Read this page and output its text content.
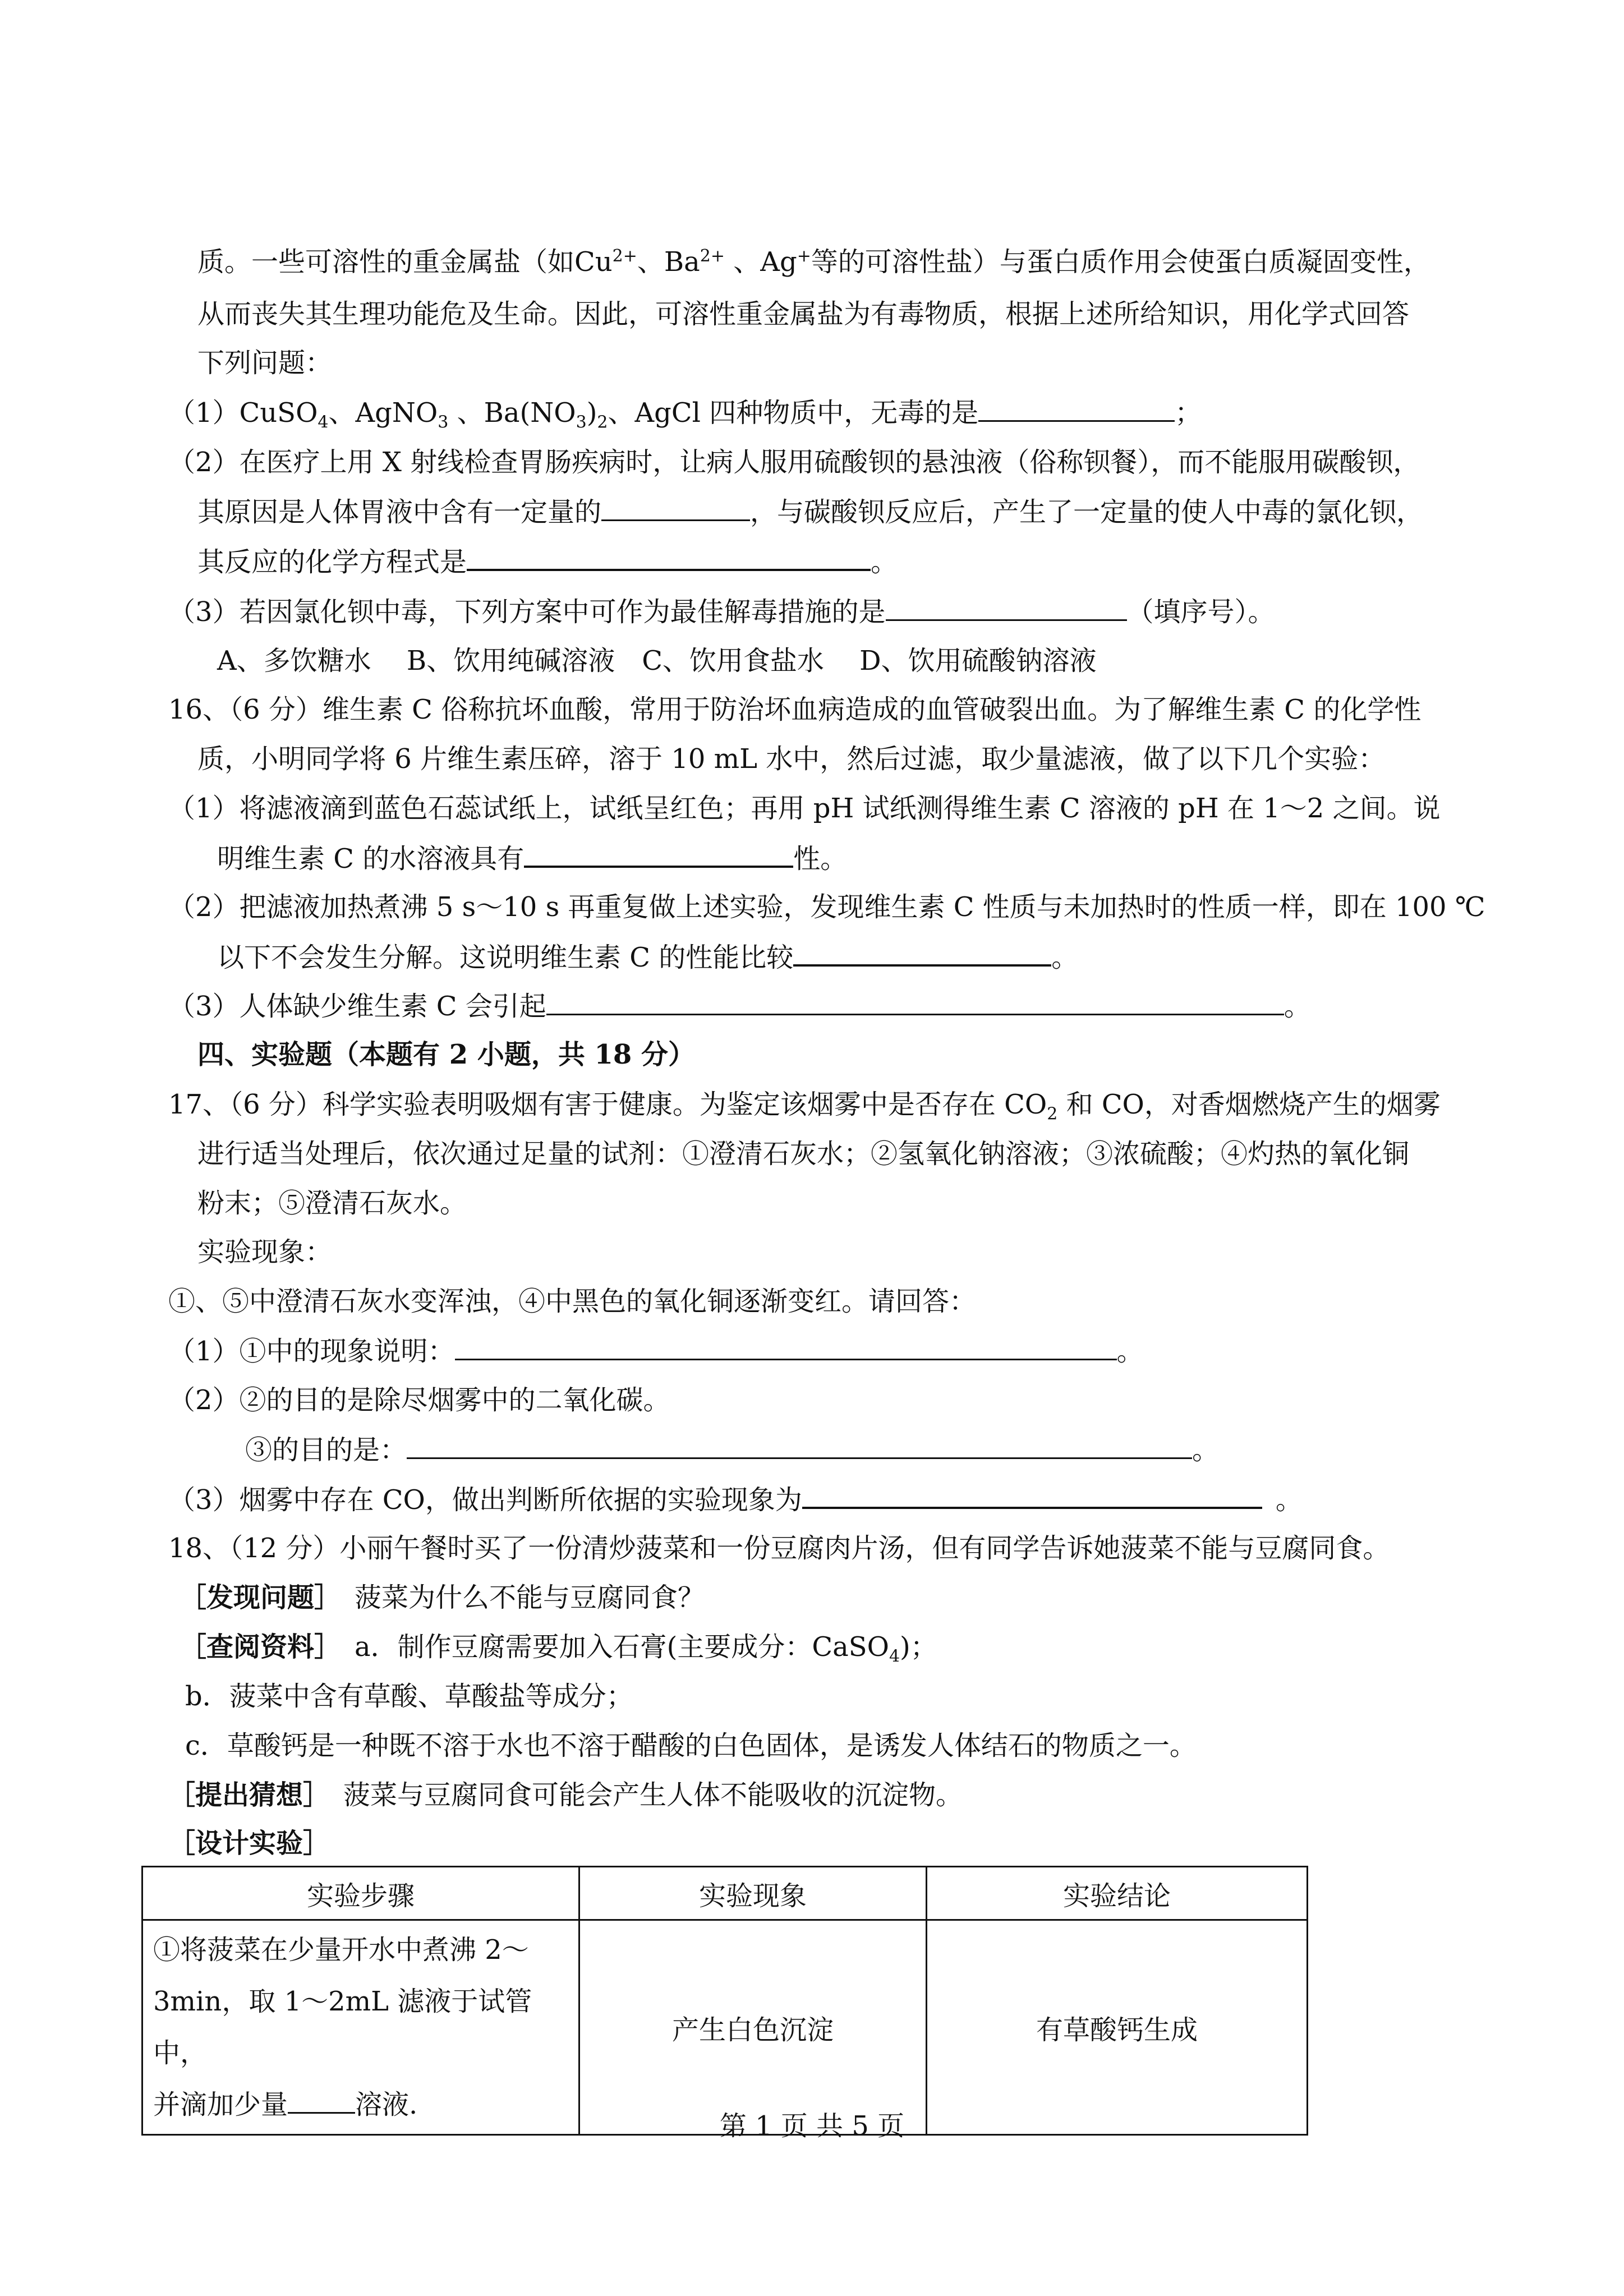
质。一些可溶性的重金属盐（如$Cu^{2+}$、$Ba^{2+}$ 、Ag+等的可溶性盐）与蛋白质作用会使蛋白质凝固变性，
从而丧失其生理功能危及生命。因此，可溶性重金属盐为有毒物质，根据上述所给知识，用化学式回答
下列问题：
（1）CuSO$_4$、AgNO$_3$ 、$Ba(NO_3)_2$、AgCl 四种物质中，无毒的是	；
（2）在医疗上用 X 射线检查胃肠疾病时，让病人服用硫酸钡的悬浊液（俗称钡餐），而不能服用碳酸钡，
其原因是人体胃液中含有一定量的	，与碳酸钡反应后，产生了一定量的使人中毒的氯化钡，
其反应的化学方程式是	。
（3）若因氯化钡中毒，下列方案中可作为最佳解毒措施的是	（填序号）。
A、多饮糖水　 B、饮用纯碱溶液　C、饮用食盐水　 D、饮用硫酸钠溶液
16、（6 分）维生素 C 俗称抗坏血酸，常用于防治坏血病造成的血管破裂出血。为了解维生素 C 的化学性
质，小明同学将 6 片维生素压碎，溶于 10 mL 水中，然后过滤，取少量滤液，做了以下几个实验：
（1）将滤液滴到蓝色石蕊试纸上，试纸呈红色；再用 pH 试纸测得维生素 C 溶液的 pH 在 1～2 之间。说
明维生素 C 的水溶液具有	性。
（2）把滤液加热煮沸 5 s～10 s 再重复做上述实验，发现维生素 C 性质与未加热时的性质一样，即在 100 ℃
以下不会发生分解。这说明维生素 C 的性能比较	。
（3）人体缺少维生素 C 会引起	。
四、实验题（本题有 2 小题，共 18 分）
17、（6 分）科学实验表明吸烟有害于健康。为鉴定该烟雾中是否存在 $CO_2$ 和 CO，对香烟燃烧产生的烟雾
进行适当处理后，依次通过足量的试剂：①澄清石灰水；②氢氧化钠溶液；③浓硫酸；④灼热的氧化铜
粉末；⑤澄清石灰水。
实验现象：
①、⑤中澄清石灰水变浑浊，④中黑色的氧化铜逐渐变红。请回答：
（1）①中的现象说明：	。
（2）②的目的是除尽烟雾中的二氧化碳。
③的目的是：	。
（3）烟雾中存在 CO，做出判断所依据的实验现象为	。
18、（12 分）小丽午餐时买了一份清炒菠菜和一份豆腐肉片汤，但有同学告诉她菠菜不能与豆腐同食。
［发现问题］　菠菜为什么不能与豆腐同食？
［查阅资料］　a．制作豆腐需要加入石膏(主要成分：CaSO$_4$)；
b．菠菜中含有草酸、草酸盐等成分；
c．草酸钙是一种既不溶于水也不溶于醋酸的白色固体，是诱发人体结石的物质之一。
［提出猜想］　菠菜与豆腐同食可能会产生人体不能吸收的沉淀物。
［设计实验］
实验步骤	实验现象	实验结论

①将菠菜在少量开水中煮沸 2～
3min，取 1～2mL 滤液于试管中，
并滴加少量 溶液.	产生白色沉淀	有草酸钙生成
第 1 页 共 5 页
